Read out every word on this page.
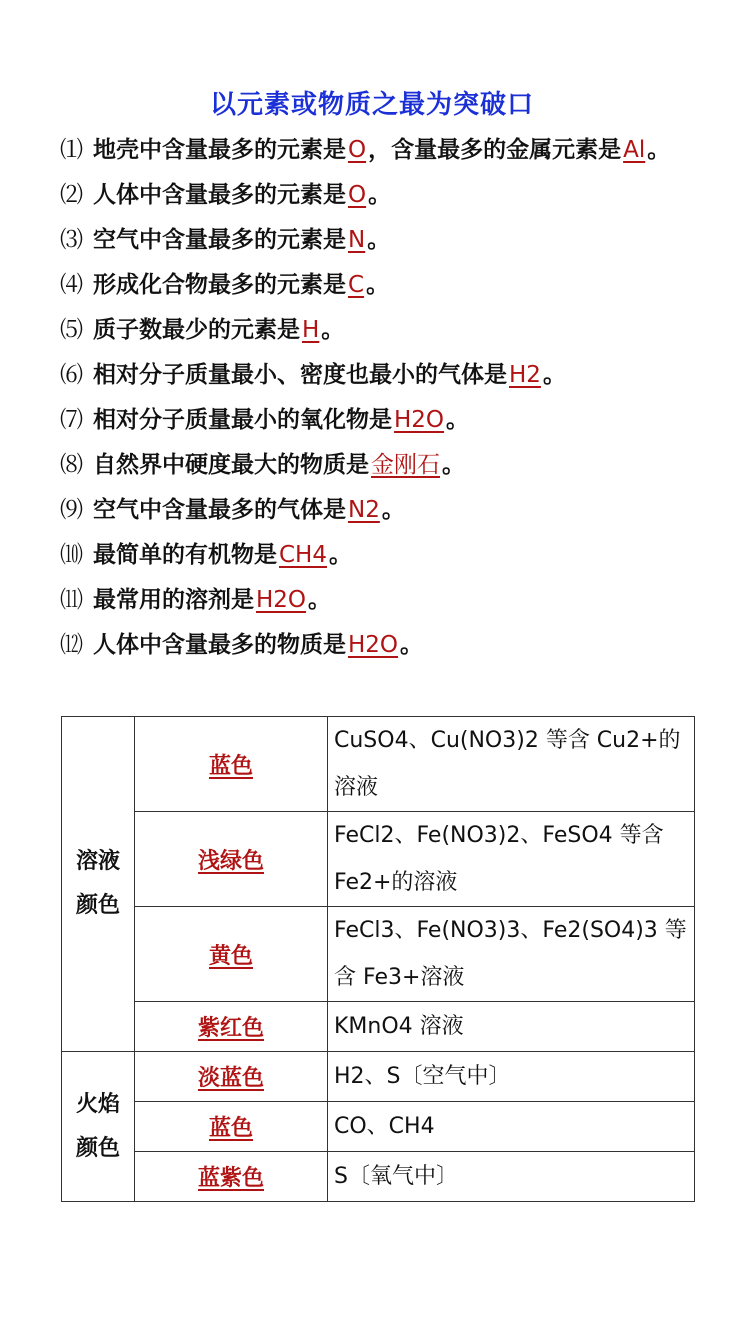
以元素或物质之最为突破口
⑴ 地壳中含量最多的元素是O，含量最多的金属元素是Al。
⑵ 人体中含量最多的元素是O。
⑶ 空气中含量最多的元素是N。
⑷ 形成化合物最多的元素是C。
⑸ 质子数最少的元素是H。
⑹ 相对分子质量最小、密度也最小的气体是H2。
⑺ 相对分子质量最小的氧化物是H2O。
⑻ 自然界中硬度最大的物质是金刚石。
⑼ 空气中含量最多的气体是N2。
⑽ 最简单的有机物是CH4。
⑾ 最常用的溶剂是H2O。
⑿ 人体中含量最多的物质是H2O。
溶液颜色	蓝色	CuSO4、Cu(NO3)2 等含 Cu2+的溶液
	浅绿色	FeCl2、Fe(NO3)2、FeSO4 等含 Fe2+的溶液
	黄色	FeCl3、Fe(NO3)3、Fe2(SO4)3 等含 Fe3+溶液
	紫红色	KMnO4 溶液
火焰颜色	淡蓝色	H2、S〔空气中〕
	蓝色	CO、CH4
	蓝紫色	S〔氧气中〕
